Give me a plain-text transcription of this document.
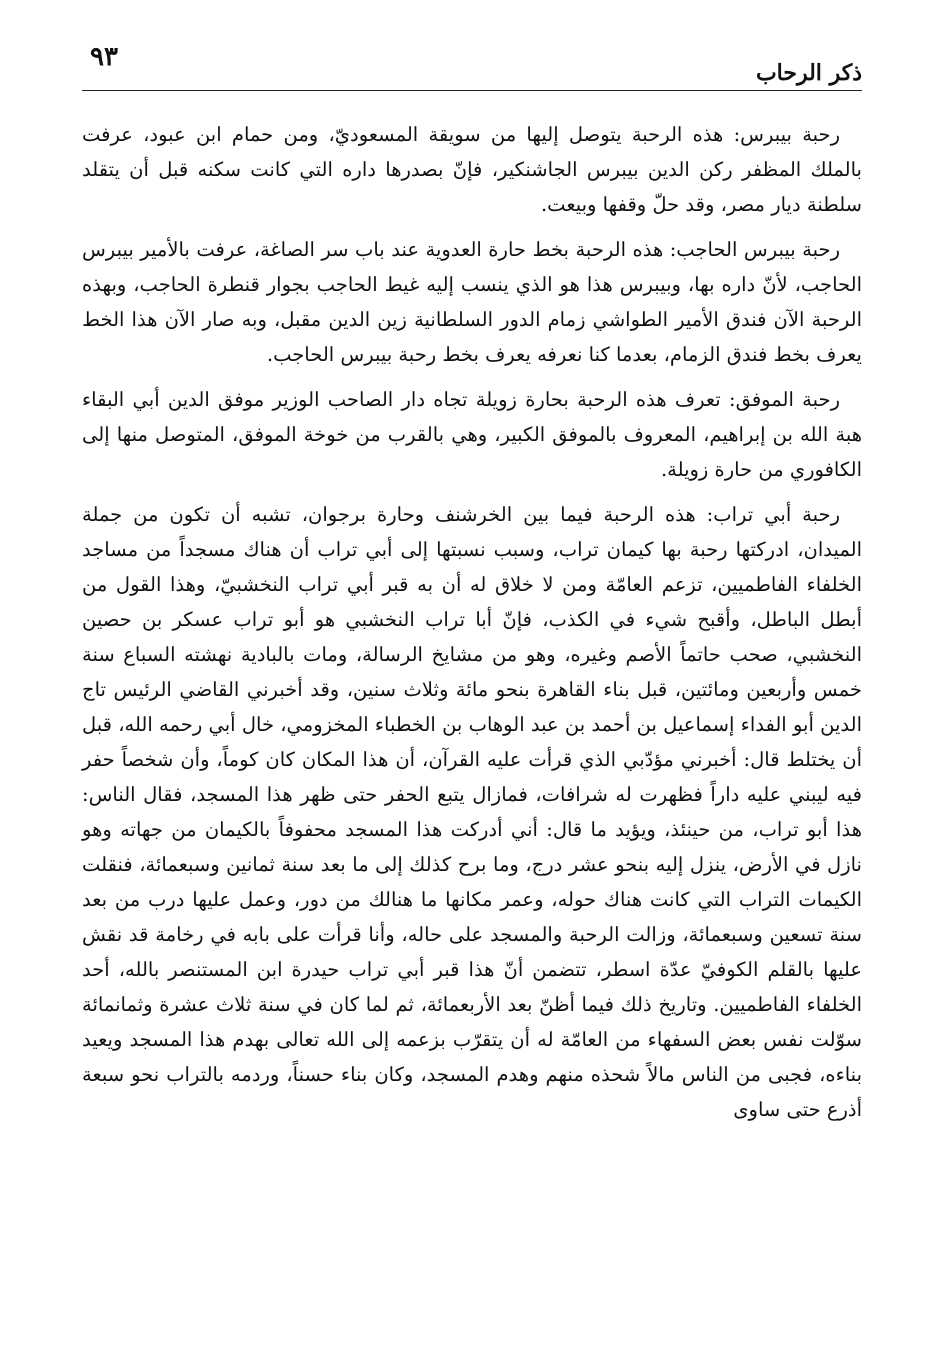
ذكر الرحاب
٩٣

رحبة بيبرس: هذه الرحبة يتوصل إليها من سويقة المسعوديّ، ومن حمام ابن عبود، عرفت بالملك المظفر ركن الدين بيبرس الجاشنكير، فإنّ بصدرها داره التي كانت سكنه قبل أن يتقلد سلطنة ديار مصر، وقد حلّ وقفها وبيعت.

رحبة بيبرس الحاجب: هذه الرحبة بخط حارة العدوية عند باب سر الصاغة، عرفت بالأمير بيبرس الحاجب، لأنّ داره بها، وبيبرس هذا هو الذي ينسب إليه غيط الحاجب بجوار قنطرة الحاجب، وبهذه الرحبة الآن فندق الأمير الطواشي زمام الدور السلطانية زين الدين مقبل، وبه صار الآن هذا الخط يعرف بخط فندق الزمام، بعدما كنا نعرفه يعرف بخط رحبة بيبرس الحاجب.

رحبة الموفق: تعرف هذه الرحبة بحارة زويلة تجاه دار الصاحب الوزير موفق الدين أبي البقاء هبة الله بن إبراهيم، المعروف بالموفق الكبير، وهي بالقرب من خوخة الموفق، المتوصل منها إلى الكافوري من حارة زويلة.

رحبة أبي تراب: هذه الرحبة فيما بين الخرشنف وحارة برجوان، تشبه أن تكون من جملة الميدان، ادركتها رحبة بها كيمان تراب، وسبب نسبتها إلى أبي تراب أن هناك مسجداً من مساجد الخلفاء الفاطميين، تزعم العامّة ومن لا خلاق له أن به قبر أبي تراب النخشبيّ، وهذا القول من أبطل الباطل، وأقبح شيء في الكذب، فإنّ أبا تراب النخشبي هو أبو تراب عسكر بن حصين النخشبي، صحب حاتماً الأصم وغيره، وهو من مشايخ الرسالة، ومات بالبادية نهشته السباع سنة خمس وأربعين ومائتين، قبل بناء القاهرة بنحو مائة وثلاث سنين، وقد أخبرني القاضي الرئيس تاج الدين أبو الفداء إسماعيل بن أحمد بن عبد الوهاب بن الخطباء المخزومي، خال أبي رحمه الله، قبل أن يختلط قال: أخبرني مؤدّبي الذي قرأت عليه القرآن، أن هذا المكان كان كوماً، وأن شخصاً حفر فيه ليبني عليه داراً فظهرت له شرافات، فمازال يتبع الحفر حتى ظهر هذا المسجد، فقال الناس: هذا أبو تراب، من حينئذ، ويؤيد ما قال: أني أدركت هذا المسجد محفوفاً بالكيمان من جهاته وهو نازل في الأرض، ينزل إليه بنحو عشر درج، وما برح كذلك إلى ما بعد سنة ثمانين وسبعمائة، فنقلت الكيمات التراب التي كانت هناك حوله، وعمر مكانها ما هنالك من دور، وعمل عليها درب من بعد سنة تسعين وسبعمائة، وزالت الرحبة والمسجد على حاله، وأنا قرأت على بابه في رخامة قد نقش عليها بالقلم الكوفيّ عدّة اسطر، تتضمن أنّ هذا قبر أبي تراب حيدرة ابن المستنصر بالله، أحد الخلفاء الفاطميين. وتاريخ ذلك فيما أظنّ بعد الأربعمائة، ثم لما كان في سنة ثلاث عشرة وثمانمائة سوّلت نفس بعض السفهاء من العامّة له أن يتقرّب بزعمه إلى الله تعالى بهدم هذا المسجد ويعيد بناءه، فجبى من الناس مالاً شحذه منهم وهدم المسجد، وكان بناء حسناً، وردمه بالتراب نحو سبعة أذرع حتى ساوى
